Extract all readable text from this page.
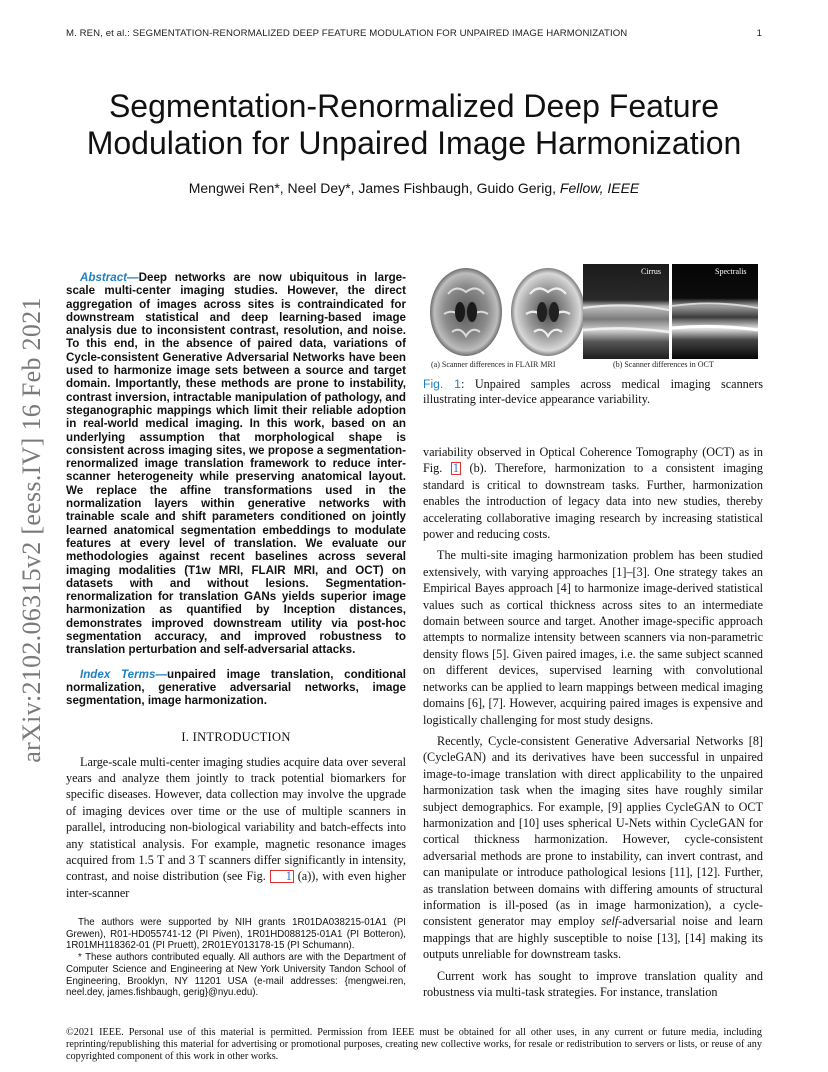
M. REN, et al.: SEGMENTATION-RENORMALIZED DEEP FEATURE MODULATION FOR UNPAIRED IMAGE HARMONIZATION	1
arXiv:2102.06315v2 [eess.IV] 16 Feb 2021
Segmentation-Renormalized Deep Feature Modulation for Unpaired Image Harmonization
Mengwei Ren*, Neel Dey*, James Fishbaugh, Guido Gerig, Fellow, IEEE

Abstract—Deep networks are now ubiquitous in large-scale multi-center imaging studies. However, the direct aggregation of images across sites is contraindicated for downstream statistical and deep learning-based image analysis due to inconsistent contrast, resolution, and noise. To this end, in the absence of paired data, variations of Cycle-consistent Generative Adversarial Networks have been used to harmonize image sets between a source and target domain. Importantly, these methods are prone to instability, contrast inversion, intractable manipulation of pathology, and steganographic mappings which limit their reliable adoption in real-world medical imaging. In this work, based on an underlying assumption that morphological shape is consistent across imaging sites, we propose a segmentation-renormalized image translation framework to reduce inter-scanner heterogeneity while preserving anatomical layout. We replace the affine transformations used in the normalization layers within generative networks with trainable scale and shift parameters conditioned on jointly learned anatomical segmentation embeddings to modulate features at every level of translation. We evaluate our methodologies against recent baselines across several imaging modalities (T1w MRI, FLAIR MRI, and OCT) on datasets with and without lesions. Segmentation-renormalization for translation GANs yields superior image harmonization as quantified by Inception distances, demonstrates improved downstream utility via post-hoc segmentation accuracy, and improved robustness to translation perturbation and self-adversarial attacks.

Index Terms—unpaired image translation, conditional normalization, generative adversarial networks, image segmentation, image harmonization.

I. INTRODUCTION

Large-scale multi-center imaging studies acquire data over several years and analyze them jointly to track potential biomarkers for specific diseases. However, data collection may involve the upgrade of imaging devices over time or the use of multiple scanners in parallel, introducing non-biological variability and batch-effects into any statistical analysis. For example, magnetic resonance images acquired from 1.5 T and 3 T scanners differ significantly in intensity, contrast, and noise distribution (see Fig. 1 (a)), with even higher inter-scanner

The authors were supported by NIH grants 1R01DA038215-01A1 (PI Grewen), R01-HD055741-12 (PI Piven), 1R01HD088125-01A1 (PI Botteron), 1R01MH118362-01 (PI Pruett), 2R01EY013178-15 (PI Schumann).

* These authors contributed equally. All authors are with the Department of Computer Science and Engineering at New York University Tandon School of Engineering, Brooklyn, NY 11201 USA (e-mail addresses: {mengwei.ren, neel.dey, james.fishbaugh, gerig}@nyu.edu).

1.5T	3T	Cirrus	Spectralis
(a) Scanner differences in FLAIR MRI	(b) Scanner differences in OCT

Fig. 1: Unpaired samples across medical imaging scanners illustrating inter-device appearance variability.

variability observed in Optical Coherence Tomography (OCT) as in Fig. 1 (b). Therefore, harmonization to a consistent imaging standard is critical to downstream tasks. Further, harmonization enables the introduction of legacy data into new studies, thereby accelerating collaborative imaging research by increasing statistical power and reducing costs.

The multi-site imaging harmonization problem has been studied extensively, with varying approaches [1]–[3]. One strategy takes an Empirical Bayes approach [4] to harmonize image-derived statistical values such as cortical thickness across sites to an intermediate domain between source and target. Another image-specific approach attempts to normalize intensity between scanners via non-parametric density flows [5]. Given paired images, i.e. the same subject scanned on different devices, supervised learning with convolutional networks can be applied to learn mappings between medical imaging domains [6], [7]. However, acquiring paired images is expensive and logistically challenging for most study designs.

Recently, Cycle-consistent Generative Adversarial Networks [8] (CycleGAN) and its derivatives have been successful in unpaired image-to-image translation with direct applicability to the unpaired harmonization task when the imaging sites have roughly similar subject demographics. For example, [9] applies CycleGAN to OCT harmonization and [10] uses spherical U-Nets within CycleGAN for cortical thickness harmonization. However, cycle-consistent adversarial methods are prone to instability, can invert contrast, and can manipulate or introduce pathological lesions [11], [12]. Further, as translation between domains with differing amounts of structural information is ill-posed (as in image harmonization), a cycle-consistent generator may employ self-adversarial noise and learn mappings that are highly susceptible to noise [13], [14] making its outputs unreliable for downstream tasks.

Current work has sought to improve translation quality and robustness via multi-task strategies. For instance, translation

©2021 IEEE. Personal use of this material is permitted. Permission from IEEE must be obtained for all other uses, in any current or future media, including reprinting/republishing this material for advertising or promotional purposes, creating new collective works, for resale or redistribution to servers or lists, or reuse of any copyrighted component of this work in other works.
